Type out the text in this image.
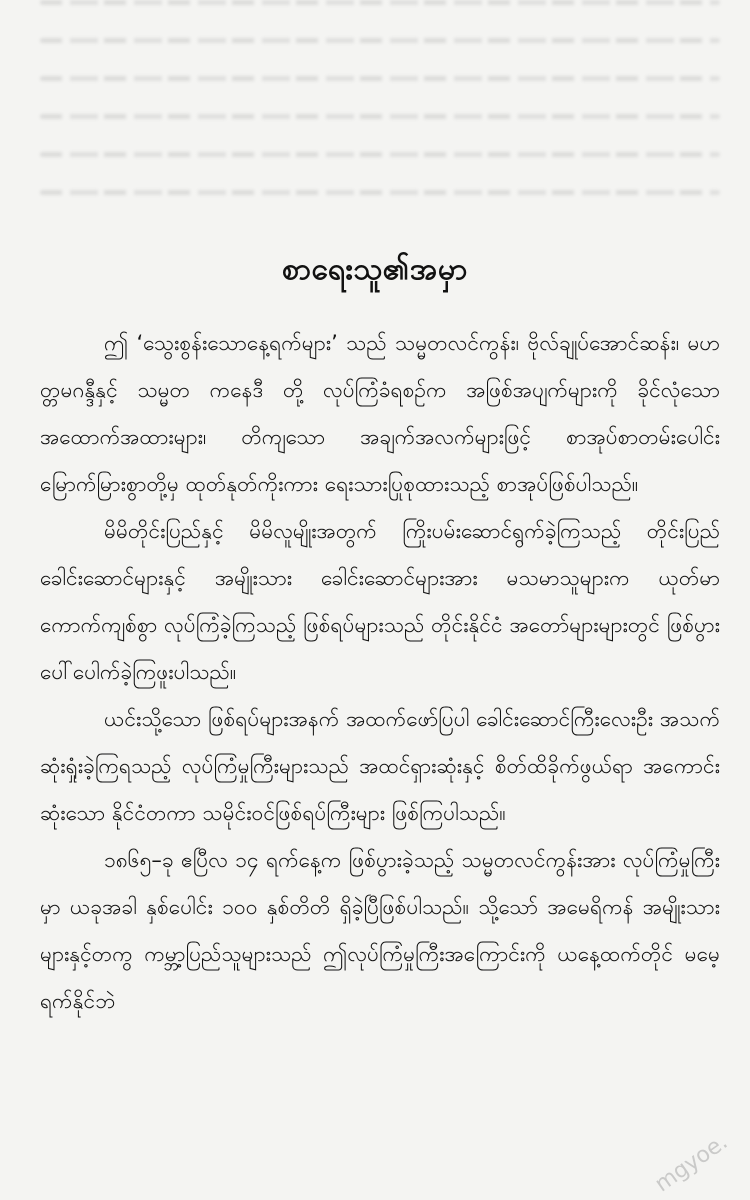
စာရေးသူ၏အမှာ

ဤ ‘သွေးစွန်းသောနေ့ရက်များ’ သည် သမ္မတလင်ကွန်း၊ ဗိုလ်ချုပ်အောင်ဆန်း၊ မဟတ္တမဂန္ဒီနှင့် သမ္မတ ကနေဒီ တို့ လုပ်ကြံခံရစဉ်က အဖြစ်အပျက်များကို ခိုင်လုံသော အထောက်အထားများ၊ တိကျသော အချက်အလက်များဖြင့် စာအုပ်စာတမ်းပေါင်း မြောက်မြားစွာတို့မှ ထုတ်နုတ်ကိုးကား ရေးသားပြုစုထားသည့် စာအုပ်ဖြစ်ပါသည်။

မိမိတိုင်းပြည်နှင့် မိမိလူမျိုးအတွက် ကြိုးပမ်းဆောင်ရွက်ခဲ့ကြသည့် တိုင်းပြည်ခေါင်းဆောင်များနှင့် အမျိုးသား ခေါင်းဆောင်များအား မသမာသူများက ယုတ်မာကောက်ကျစ်စွာ လုပ်ကြံခဲ့ကြသည့် ဖြစ်ရပ်များသည် တိုင်းနိုင်ငံ အတော်များများတွင် ဖြစ်ပွားပေါ်ပေါက်ခဲ့ကြဖူးပါသည်။

ယင်းသို့သော ဖြစ်ရပ်များအနက် အထက်ဖော်ပြပါ ခေါင်းဆောင်ကြီးလေးဦး အသက်ဆုံးရှုံးခဲ့ကြရသည့် လုပ်ကြံမှုကြီးများသည် အထင်ရှားဆုံးနှင့် စိတ်ထိခိုက်ဖွယ်ရာ အကောင်းဆုံးသော နိုင်ငံတကာ သမိုင်းဝင်ဖြစ်ရပ်ကြီးများ ဖြစ်ကြပါသည်။

၁၈၆၅–ခု ဧပြီလ ၁၄ ရက်နေ့က ဖြစ်ပွားခဲ့သည့် သမ္မတလင်ကွန်းအား လုပ်ကြံမှုကြီးမှာ ယခုအခါ နှစ်ပေါင်း ၁၀၀ နှစ်တိတိ ရှိခဲ့ပြီဖြစ်ပါသည်။ သို့သော် အမေရိကန် အမျိုးသားများနှင့်တကွ ကမ္ဘာ့ပြည်သူများသည် ဤလုပ်ကြံမှုကြီးအကြောင်းကို ယနေ့ထက်တိုင် မမေ့ရက်နိုင်ဘဲ

mgyoe.
